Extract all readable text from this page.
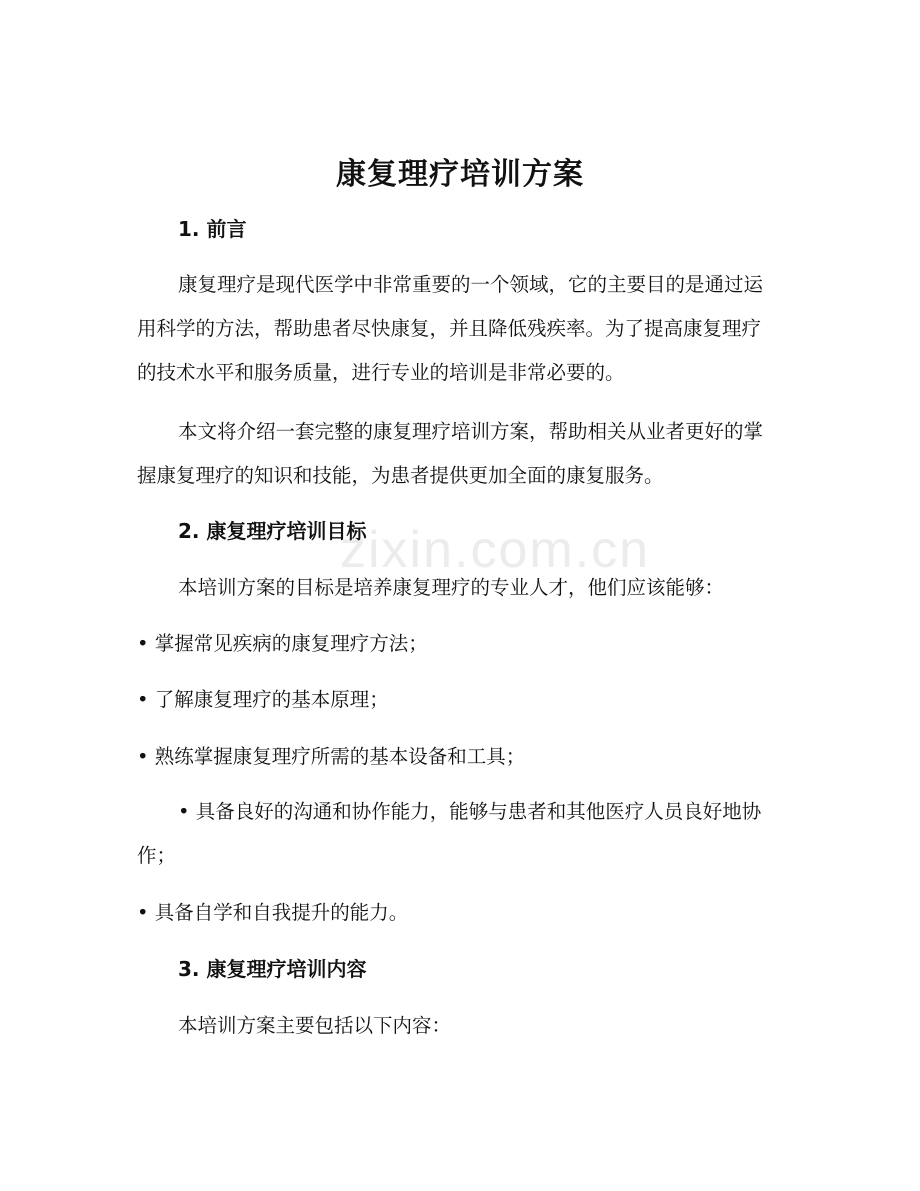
zixin.com.cn
康复理疗培训方案
1. 前言
康复理疗是现代医学中非常重要的一个领域，它的主要目的是通过运用科学的方法，帮助患者尽快康复，并且降低残疾率。为了提高康复理疗的技术水平和服务质量，进行专业的培训是非常必要的。
本文将介绍一套完整的康复理疗培训方案，帮助相关从业者更好的掌握康复理疗的知识和技能，为患者提供更加全面的康复服务。
2. 康复理疗培训目标
本培训方案的目标是培养康复理疗的专业人才，他们应该能够：
• 掌握常见疾病的康复理疗方法；
• 了解康复理疗的基本原理；
• 熟练掌握康复理疗所需的基本设备和工具；
• 具备良好的沟通和协作能力，能够与患者和其他医疗人员良好地协作；
• 具备自学和自我提升的能力。
3. 康复理疗培训内容
本培训方案主要包括以下内容：
